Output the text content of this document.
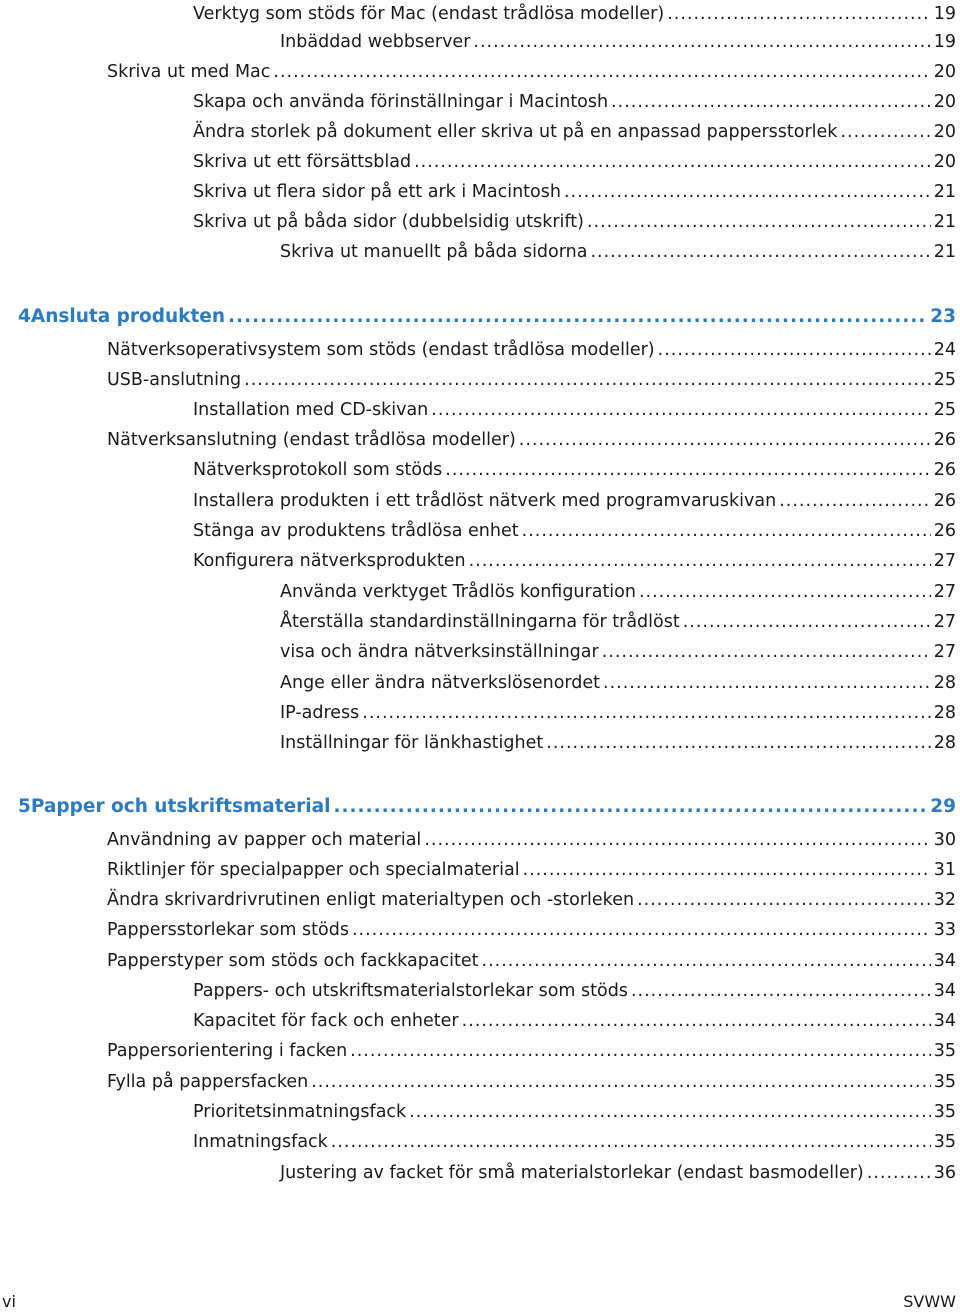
Verktyg som stöds för Mac (endast trådlösa modeller) .....	19
Inbäddad webbserver .....	19
Skriva ut med Mac .....	20
Skapa och använda förinställningar i Macintosh .....	20
Ändra storlek på dokument eller skriva ut på en anpassad pappersstorlek .....	20
Skriva ut ett försättsblad .....	20
Skriva ut flera sidor på ett ark i Macintosh .....	21
Skriva ut på båda sidor (dubbelsidig utskrift) .....	21
Skriva ut manuellt på båda sidorna .....	21
4 Ansluta produkten .....	23
Nätverksoperativsystem som stöds (endast trådlösa modeller) .....	24
USB-anslutning .....	25
Installation med CD-skivan .....	25
Nätverksanslutning (endast trådlösa modeller) .....	26
Nätverksprotokoll som stöds .....	26
Installera produkten i ett trådlöst nätverk med programvaruskivan .....	26
Stänga av produktens trådlösa enhet .....	26
Konfigurera nätverksprodukten .....	27
Använda verktyget Trådlös konfiguration .....	27
Återställa standardinställningarna för trådlöst .....	27
visa och ändra nätverksinställningar .....	27
Ange eller ändra nätverkslösenordet .....	28
IP-adress .....	28
Inställningar för länkhastighet .....	28
5 Papper och utskriftsmaterial .....	29
Användning av papper och material .....	30
Riktlinjer för specialpapper och specialmaterial .....	31
Ändra skrivardrivrutinen enligt materialtypen och -storleken .....	32
Pappersstorlekar som stöds .....	33
Papperstyper som stöds och fackkapacitet .....	34
Pappers- och utskriftsmaterialstorlekar som stöds .....	34
Kapacitet för fack och enheter .....	34
Pappersorientering i facken .....	35
Fylla på pappersfacken .....	35
Prioritetsinmatningsfack .....	35
Inmatningsfack .....	35
Justering av facket för små materialstorlekar (endast basmodeller) .....	36
vi	SVWW
